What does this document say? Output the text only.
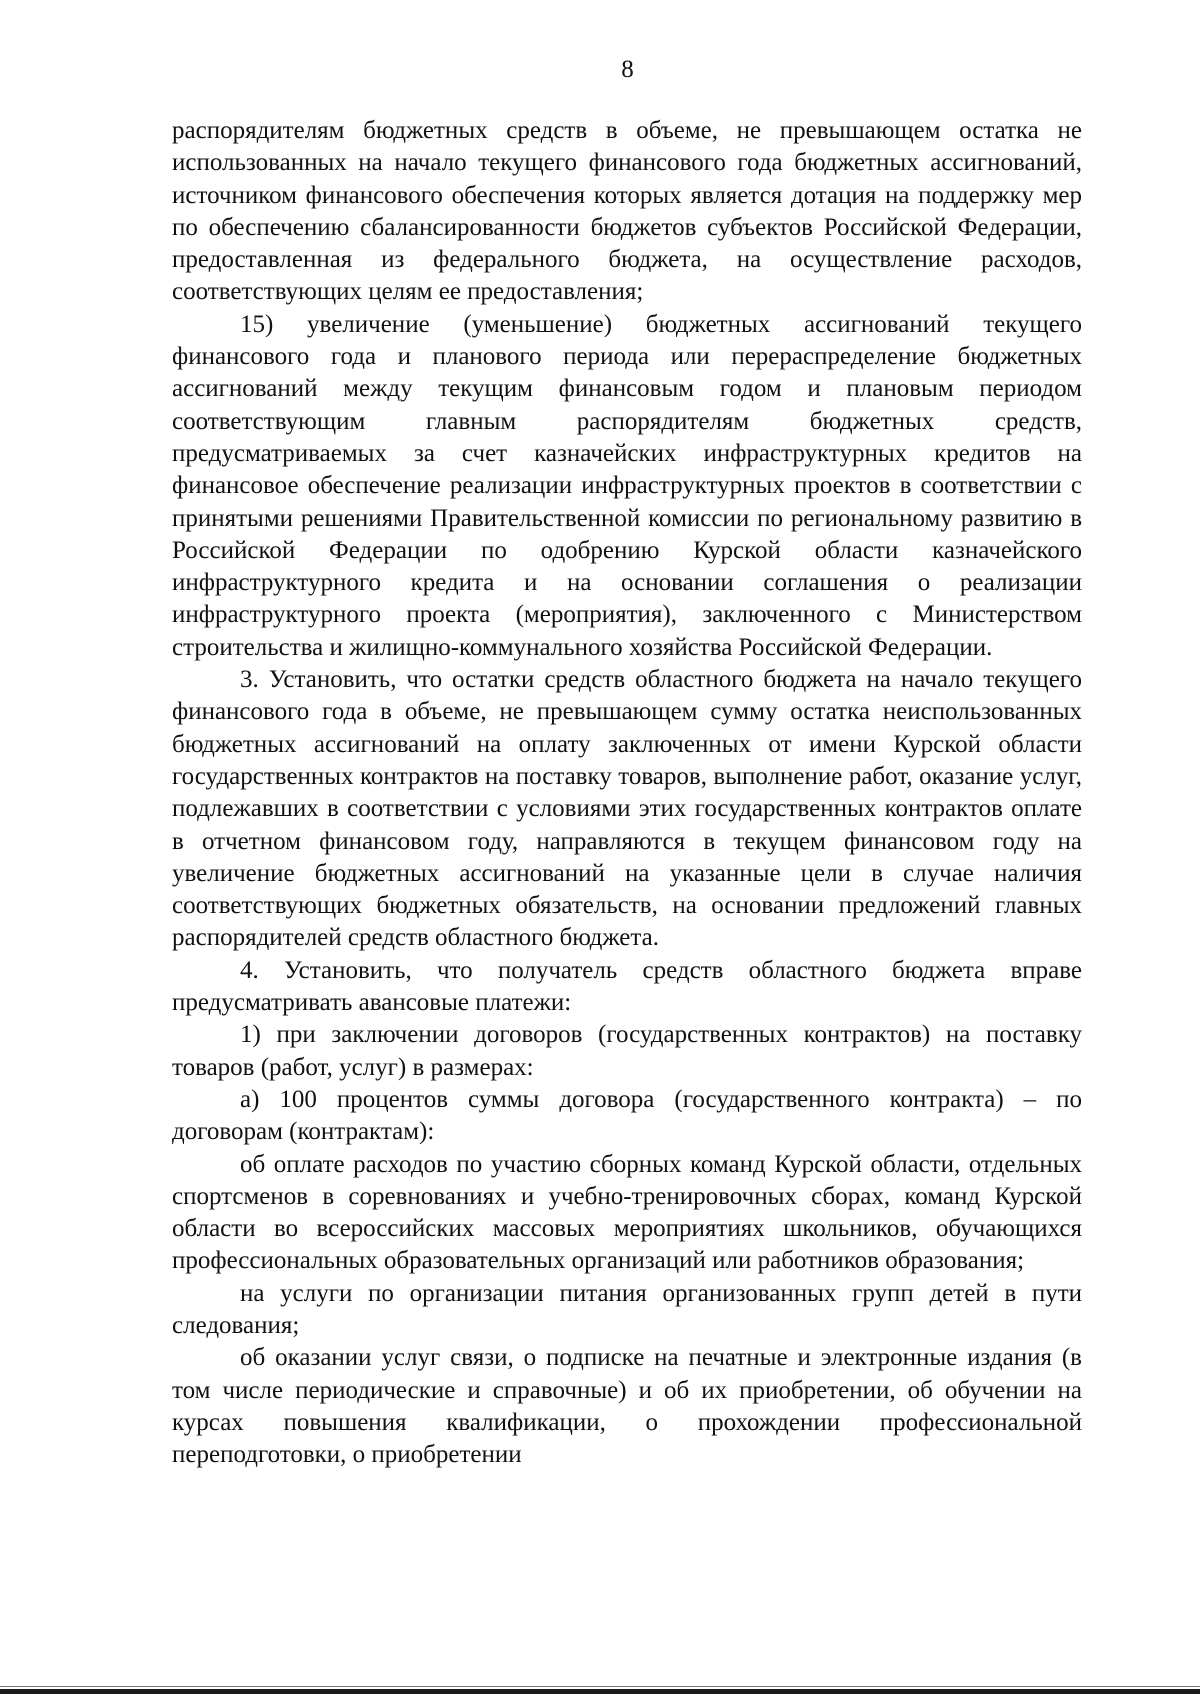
8

распорядителям бюджетных средств в объеме, не превышающем остатка не использованных на начало текущего финансового года бюджетных ассигнований, источником финансового обеспечения которых является дотация на поддержку мер по обеспечению сбалансированности бюджетов субъектов Российской Федерации, предоставленная из федерального бюджета, на осуществление расходов, соответствующих целям ее предоставления;

15) увеличение (уменьшение) бюджетных ассигнований текущего финансового года и планового периода или перераспределение бюджетных ассигнований между текущим финансовым годом и плановым периодом соответствующим главным распорядителям бюджетных средств, предусматриваемых за счет казначейских инфраструктурных кредитов на финансовое обеспечение реализации инфраструктурных проектов в соответствии с принятыми решениями Правительственной комиссии по региональному развитию в Российской Федерации по одобрению Курской области казначейского инфраструктурного кредита и на основании соглашения о реализации инфраструктурного проекта (мероприятия), заключенного с Министерством строительства и жилищно-коммунального хозяйства Российской Федерации.

3. Установить, что остатки средств областного бюджета на начало текущего финансового года в объеме, не превышающем сумму остатка неиспользованных бюджетных ассигнований на оплату заключенных от имени Курской области государственных контрактов на поставку товаров, выполнение работ, оказание услуг, подлежавших в соответствии с условиями этих государственных контрактов оплате в отчетном финансовом году, направляются в текущем финансовом году на увеличение бюджетных ассигнований на указанные цели в случае наличия соответствующих бюджетных обязательств, на основании предложений главных распорядителей средств областного бюджета.

4. Установить, что получатель средств областного бюджета вправе предусматривать авансовые платежи:

1) при заключении договоров (государственных контрактов) на поставку товаров (работ, услуг) в размерах:

а) 100 процентов суммы договора (государственного контракта) – по договорам (контрактам):

об оплате расходов по участию сборных команд Курской области, отдельных спортсменов в соревнованиях и учебно-тренировочных сборах, команд Курской области во всероссийских массовых мероприятиях школьников, обучающихся профессиональных образовательных организаций или работников образования;

на услуги по организации питания организованных групп детей в пути следования;

об оказании услуг связи, о подписке на печатные и электронные издания (в том числе периодические и справочные) и об их приобретении, об обучении на курсах повышения квалификации, о прохождении профессиональной переподготовки, о приобретении
